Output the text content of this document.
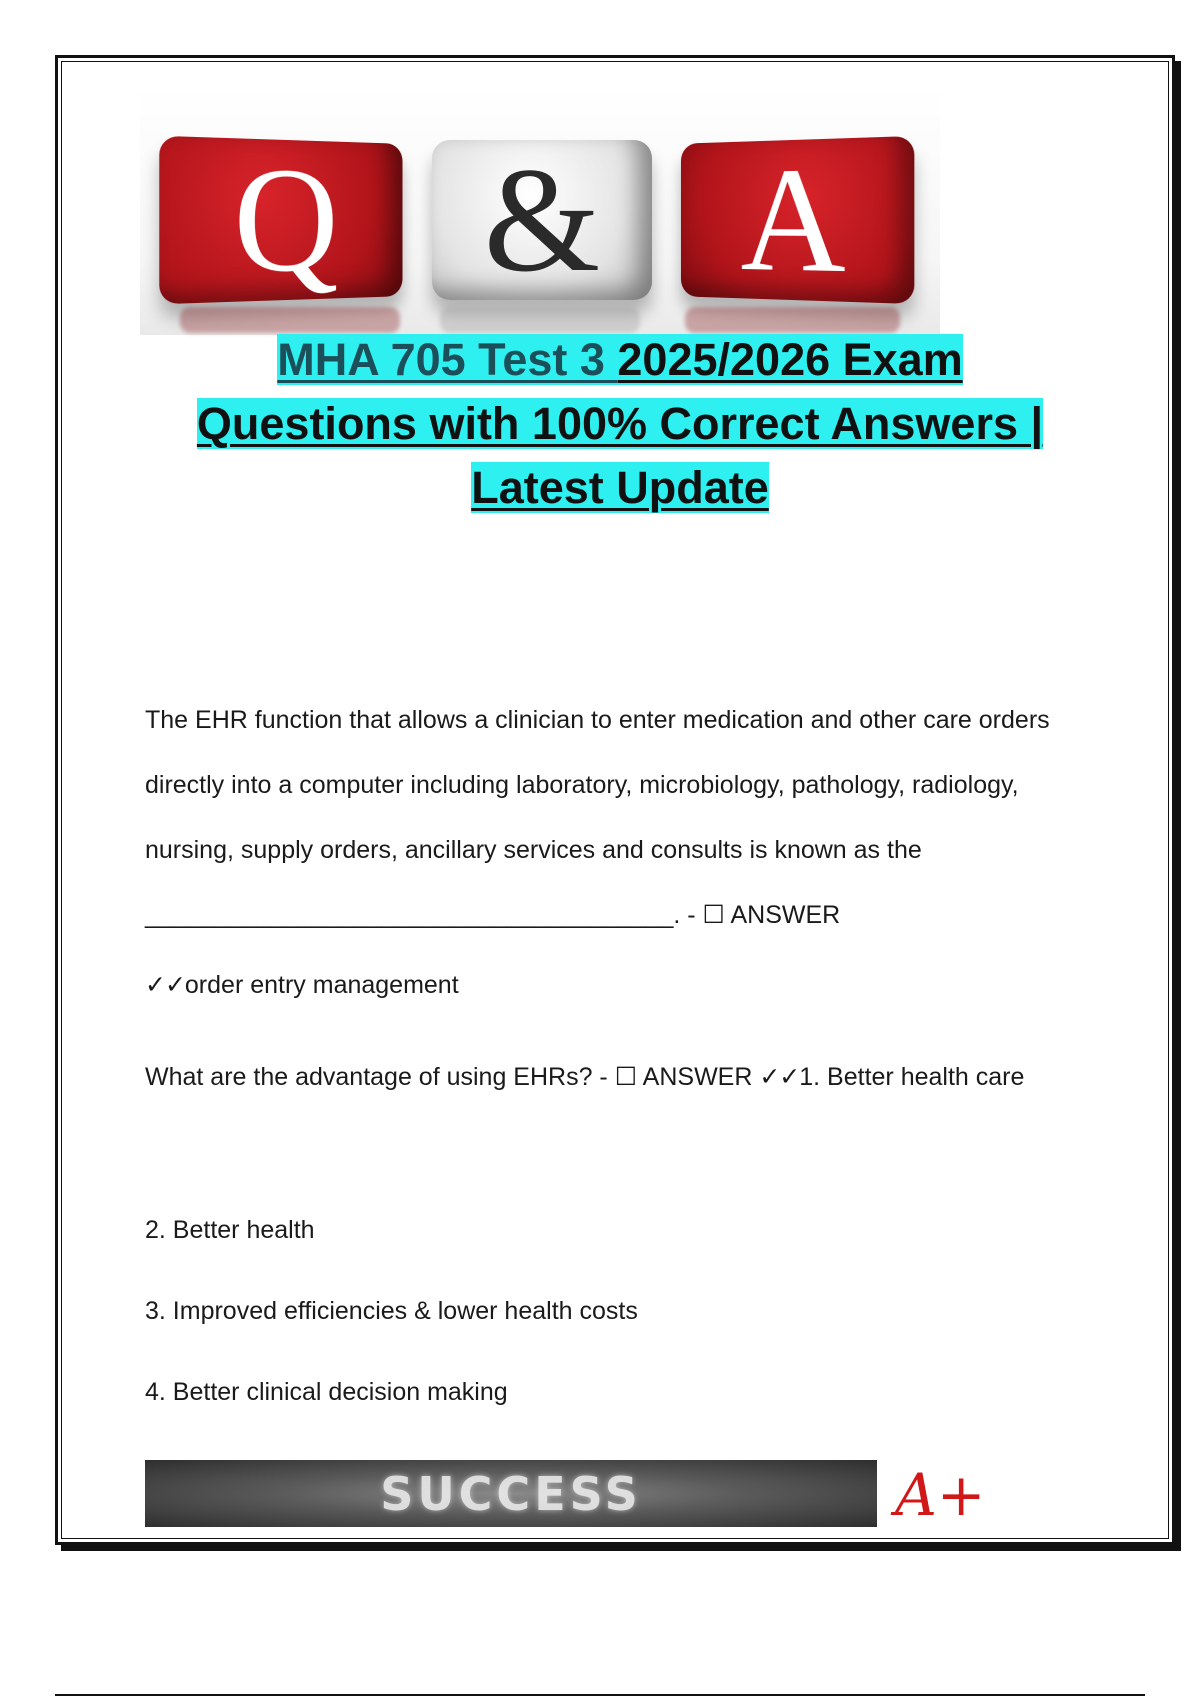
Q & A
MHA 705 Test 3 2025/2026 Exam
Questions with 100% Correct Answers |
Latest Update

The EHR function that allows a clinician to enter medication and other care orders directly into a computer including laboratory, microbiology, pathology, radiology, nursing, supply orders, ancillary services and consults is known as the ______________________________________. - ☐ ANSWER

✓✓order entry management

What are the advantage of using EHRs? - ☐ ANSWER ✓✓1. Better health care

2. Better health

3. Improved efficiencies & lower health costs

4. Better clinical decision making

SUCCESS	A+
